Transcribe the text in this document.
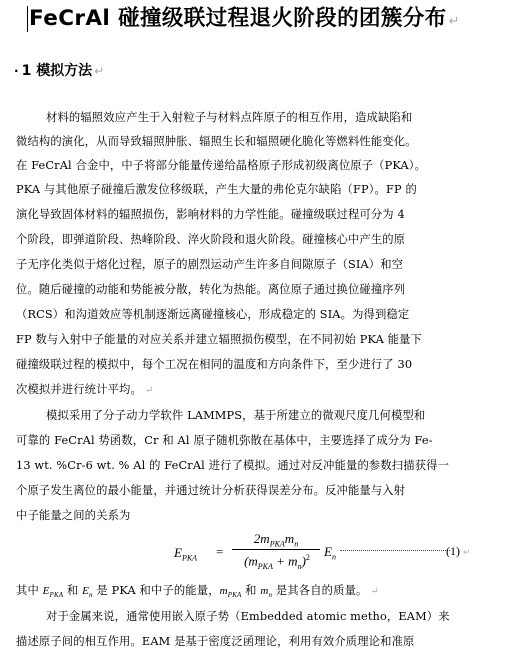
FeCrAl 碰撞级联过程退火阶段的团簇分布 ↵
· 1 模拟方法 ↵
材料的辐照效应产生于入射粒子与材料点阵原子的相互作用，造成缺陷和
微结构的演化，从而导致辐照肿胀、辐照生长和辐照硬化脆化等燃料性能变化。
在 FeCrAl 合金中，中子将部分能量传递给晶格原子形成初级离位原子（PKA）。
PKA 与其他原子碰撞后激发位移级联，产生大量的弗伦克尔缺陷（FP）。FP 的
演化导致固体材料的辐照损伤，影响材料的力学性能。碰撞级联过程可分为 4
个阶段，即弹道阶段、热峰阶段、淬火阶段和退火阶段。碰撞核心中产生的原
子无序化类似于熔化过程，原子的剧烈运动产生许多自间隙原子（SIA）和空
位。随后碰撞的动能和势能被分散，转化为热能。离位原子通过换位碰撞序列
（RCS）和沟道效应等机制逐渐远离碰撞核心，形成稳定的 SIA。为得到稳定
FP 数与入射中子能量的对应关系并建立辐照损伤模型，在不同初始 PKA 能量下
碰撞级联过程的模拟中，每个工况在相同的温度和方向条件下，至少进行了 30
次模拟并进行统计平均。 ↵
模拟采用了分子动力学软件 LAMMPS，基于所建立的微观尺度几何模型和
可靠的 FeCrAl 势函数，Cr 和 Al 原子随机弥散在基体中，主要选择了成分为 Fe-
13 wt. %Cr-6 wt. % Al 的 FeCrAl 进行了模拟。通过对反冲能量的参数扫描获得一
个原子发生离位的最小能量，并通过统计分析获得误差分布。反冲能量与入射
中子能量之间的关系为
$E_{PKA}$ =
$2m_{PKA}m_n$
$(m_{PKA} + m_n)^2$	$E_n$	(1) ↵
其中 $E_{PKA}$ 和 $E_n$ 是 PKA 和中子的能量，$m_{PKA}$ 和 $m_n$ 是其各自的质量。 ↵
对于金属来说，通常使用嵌入原子势（Embedded atomic metho，EAM）来
描述原子间的相互作用。EAM 是基于密度泛函理论，利用有效介质理论和准原
